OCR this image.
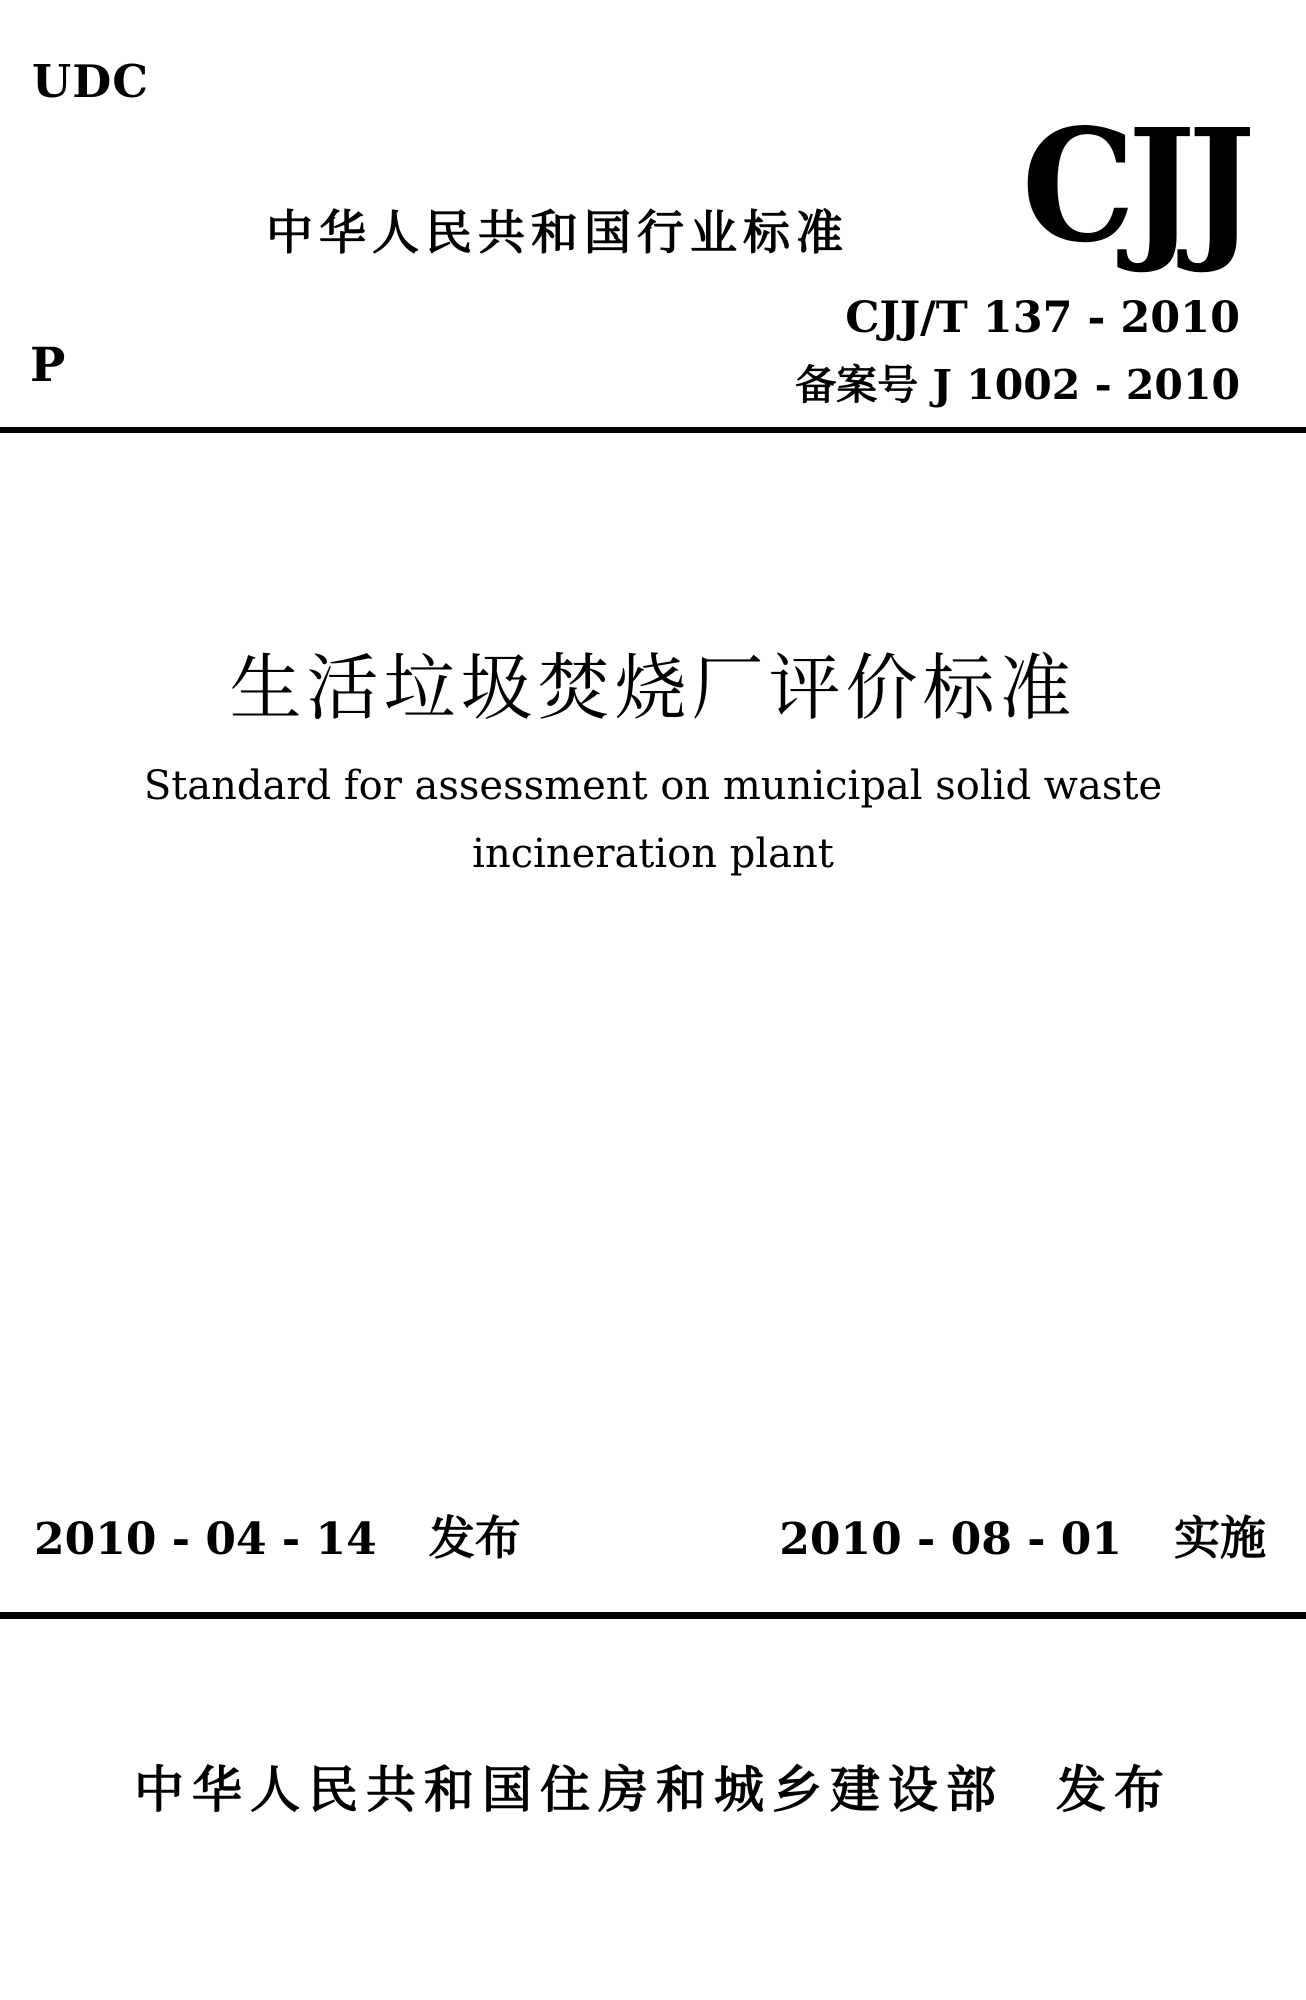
UDC
中华人民共和国行业标准 CJJ
CJJ/T 137 - 2010
备案号 J 1002 - 2010
P
生活垃圾焚烧厂评价标准
Standard for assessment on municipal solid waste
incineration plant
2010 - 04 - 14 发布	2010 - 08 - 01 实施
中华人民共和国住房和城乡建设部 发布
